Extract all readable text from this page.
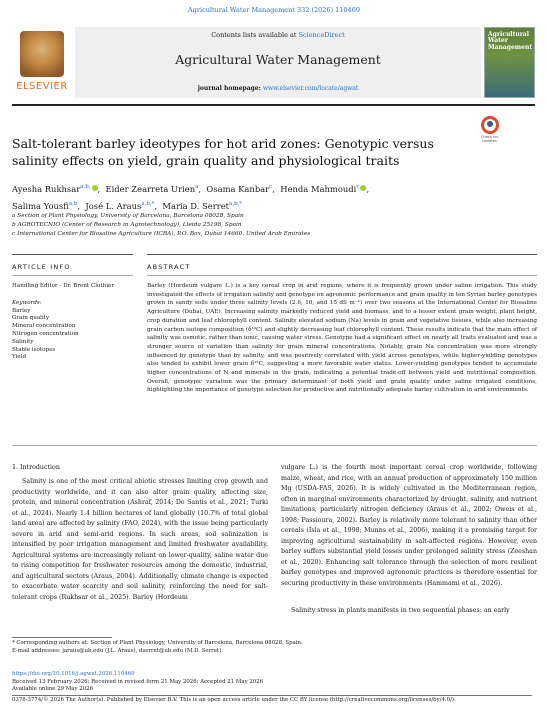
Agricultural Water Management 332 (2026) 110469
ELSEVIER
Contents lists available at ScienceDirect
Agricultural Water Management
journal homepage: www.elsevier.com/locate/agwat
Agricultural Water Management
Salt-tolerant barley ideotypes for hot arid zones: Genotypic versus salinity effects on yield, grain quality and physiological traits
Check for updates
Ayesha Rukhsar$^{a,b,}$ ,  Eider Zearreta Urien$^a$,  Osama Kanbar$^c$,  Henda Mahmoudi$^c$ ,
Salima Yousfi$^{a,b}$,  José L. Araus$^{a,b,*}$,  Maria D. Serret$^{a,b,*}$
a Section of Plant Physiology, University of Barcelona, Barcelona 08028, Spain
b AGROTECNIO (Center of Research in Agrotechnology), Lleida 25198, Spain
c International Center for Biosaline Agriculture (ICBA), P.O. Box, Dubai 14660, United Arab Emirates
ARTICLE INFO	ABSTRACT
Handling Editor - Dr. Brent Clothier
Keywords:
Barley
Grain quality
Mineral concentration
Nitrogen concentration
Salinity
Stable isotopes
Yield
Barley (Hordeum vulgare L.) is a key cereal crop in arid regions, where it is frequently grown under saline irrigation. This study investigated the effects of irrigation salinity and genotype on agronomic performance and grain quality in ten Syrian barley genotypes grown in sandy soils under three salinity levels (2.6, 10, and 15 dS m⁻¹) over two seasons at the International Center for Biosaline Agriculture (Dubai, UAE). Increasing salinity markedly reduced yield and biomass, and to a lesser extent grain weight, plant height, crop duration and leaf chlorophyll content. Salinity elevated sodium (Na) levels in grain and vegetative tissues, while also increasing grain carbon isotope composition (δ¹³C) and slightly decreasing leaf chlorophyll content. These results indicate that the main effect of salinity was osmotic, rather than ionic, causing water stress. Genotype had a significant effect on nearly all traits evaluated and was a stronger source of variation than salinity for grain mineral concentrations. Notably, grain Na concentration was more strongly influenced by genotype than by salinity, and was positively correlated with yield across genotypes, while higher-yielding genotypes also tended to exhibit lower grain δ¹³C, suggesting a more favorable water status. Lower-yielding genotypes tended to accumulate higher concentrations of N and minerals in the grain, indicating a potential trade-off between yield and nutritional composition. Overall, genotypic variation was the primary determinant of both yield and grain quality under saline irrigated conditions, highlighting the importance of genotype selection for productive and nutritionally adequate barley cultivation in arid environments.
1. Introduction
Salinity is one of the most critical abiotic stresses limiting crop growth and productivity worldwide, and it can also alter grain quality, affecting size, protein, and mineral concentration (Ashraf, 2014; De Santis et al., 2021; Turki et al., 2024). Nearly 1.4 billion hectares of land globally (10.7% of total global land area) are affected by salinity (FAO, 2024), with the issue being particularly severe in arid and semi-arid regions. In such areas, soil salinization is intensified by poor irrigation management and limited freshwater availability. Agricultural systems are increasingly reliant on lower-quality, saline water due to rising competition for freshwater resources among the domestic, industrial, and agricultural sectors (Araus, 2004). Additionally, climate change is expected to exacerbate water scarcity and soil salinity, reinforcing the need for salt-tolerant crops (Rukhsar et al., 2025). Barley (Hordeum
vulgare L.) is the fourth most important cereal crop worldwide, following maize, wheat, and rice, with an annual production of approximately 150 million Mg (USDA-FAS, 2026). It is widely cultivated in the Mediterranean region, often in marginal environments characterized by drought, salinity, and nutrient limitations, particularly nitrogen deficiency (Araus et al., 2002; Oweis et al., 1998; Passioura, 2002). Barley is relatively more tolerant to salinity than other cereals (Isla et al., 1998; Munns et al., 2006), making it a promising target for improving agricultural sustainability in salt-affected regions. However, even barley suffers substantial yield losses under prolonged salinity stress (Zeeshan et al., 2020). Enhancing salt tolerance through the selection of more resilient barley genotypes and improved agronomic practices is therefore essential for securing productivity in these environments (Hammami et al., 2026).
Salinity stress in plants manifests in two sequential phases: an early
* Corresponding authors at: Section of Plant Physiology, University of Barcelona, Barcelona 08028, Spain.
E-mail addresses: jaraus@ub.edu (J.L. Araus), dserret@ub.edu (M.D. Serret).
https://doi.org/10.1016/j.agwat.2026.110469
Received 13 February 2026; Received in revised form 21 May 2026; Accepted 21 May 2026
Available online 29 May 2026
0378-3774/© 2026 The Author(s). Published by Elsevier B.V. This is an open access article under the CC BY license (http://creativecommons.org/licenses/by/4.0/).
